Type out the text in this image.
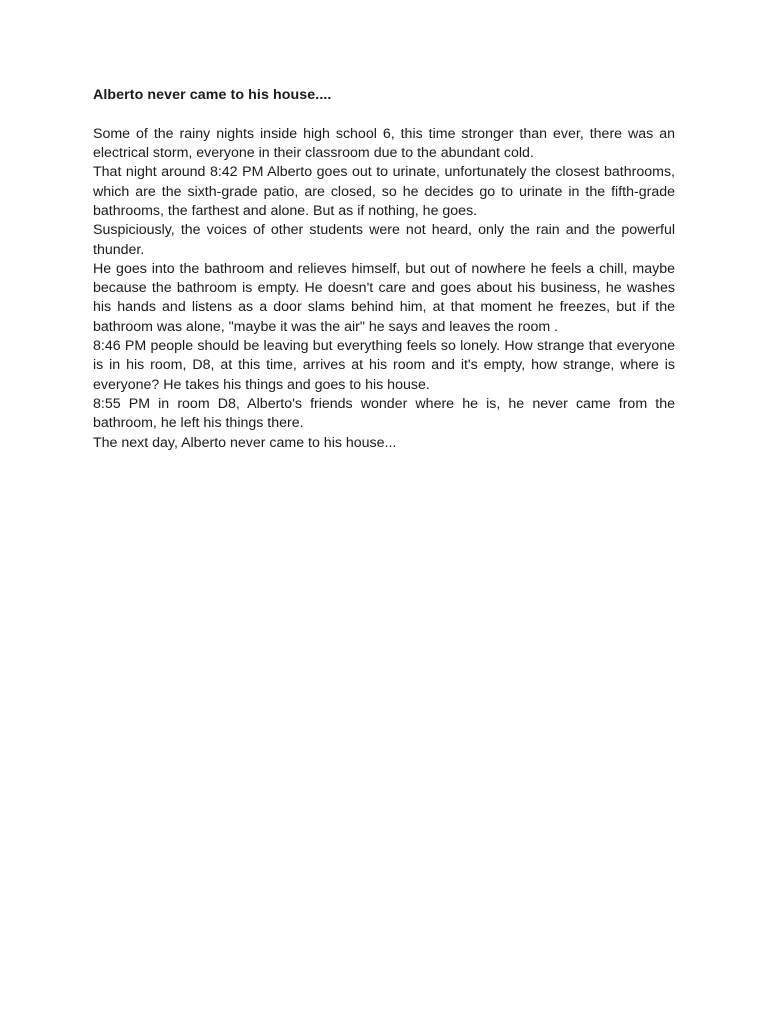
Alberto never came to his house....

Some of the rainy nights inside high school 6, this time stronger than ever, there was an electrical storm, everyone in their classroom due to the abundant cold.

That night around 8:42 PM Alberto goes out to urinate, unfortunately the closest bathrooms, which are the sixth-grade patio, are closed, so he decides go to urinate in the fifth-grade bathrooms, the farthest and alone. But as if nothing, he goes.

Suspiciously, the voices of other students were not heard, only the rain and the powerful thunder.

He goes into the bathroom and relieves himself, but out of nowhere he feels a chill, maybe because the bathroom is empty. He doesn't care and goes about his business, he washes his hands and listens as a door slams behind him, at that moment he freezes, but if the bathroom was alone, "maybe it was the air" he says and leaves the room .

8:46 PM people should be leaving but everything feels so lonely. How strange that everyone is in his room, D8, at this time, arrives at his room and it's empty, how strange, where is everyone? He takes his things and goes to his house.

8:55 PM in room D8, Alberto's friends wonder where he is, he never came from the bathroom, he left his things there.

The next day, Alberto never came to his house...
